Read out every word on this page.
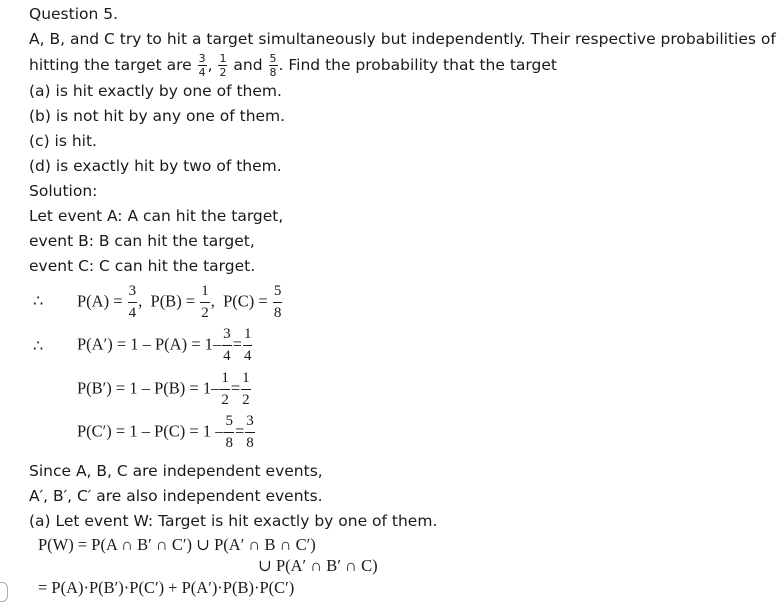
Question 5.
A, B, and C try to hit a target simultaneously but independently. Their respective probabilities of
hitting the target are $\frac{3}{4}$ , $\frac{1}{2}$ and $\frac{5}{8}$ . Find the probability that the target
(a) is hit exactly by one of them.
(b) is not hit by any one of them.
(c) is hit.
(d) is exactly hit by two of them.
Solution:
Let event A: A can hit the target,
event B: B can hit the target,
event C: C can hit the target.
∴ $P(A) = \frac{3}{4}$ , $P(B) = \frac{1}{2}$ , $P(C) = \frac{5}{8}$
∴ $P(A') = 1 - P(A) = 1- \frac{3}{4} = \frac{1}{4}$
$P(B') = 1 - P(B) = 1- \frac{1}{2} = \frac{1}{2}$
$P(C') = 1 - P(C) = 1 - \frac{5}{8} = \frac{3}{8}$
Since A, B, C are independent events,
A′, B′, C′ are also independent events.
(a) Let event W: Target is hit exactly by one of them.
P(W) = P(A ∩ B′ ∩ C′) ∪ P(A′ ∩ B ∩ C′)
∪ P(A′ ∩ B′ ∩ C)
= P(A)·P(B′)·P(C′) + P(A′)·P(B)·P(C′)
